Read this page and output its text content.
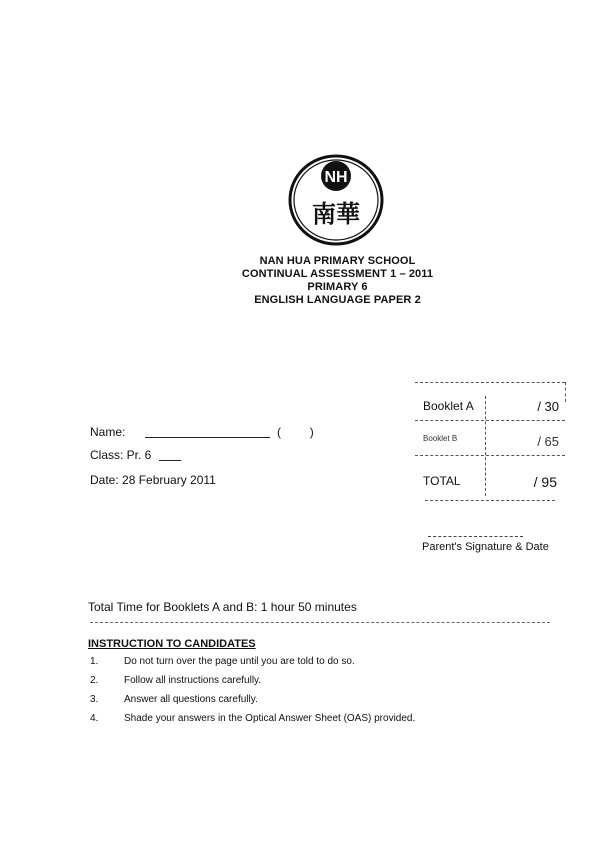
NH
南華
NAN HUA PRIMARY SCHOOL
CONTINUAL ASSESSMENT 1 – 2011
PRIMARY 6
ENGLISH LANGUAGE PAPER 2
Name:	( )
Class: Pr. 6
Date: 28 February 2011
Booklet A	/ 30
Booklet B	/ 65
TOTAL	/ 95
Parent's Signature & Date
Total Time for Booklets A and B: 1 hour 50 minutes
INSTRUCTION TO CANDIDATES
1.	Do not turn over the page until you are told to do so.
2.	Follow all instructions carefully.
3.	Answer all questions carefully.
4.	Shade your answers in the Optical Answer Sheet (OAS) provided.
